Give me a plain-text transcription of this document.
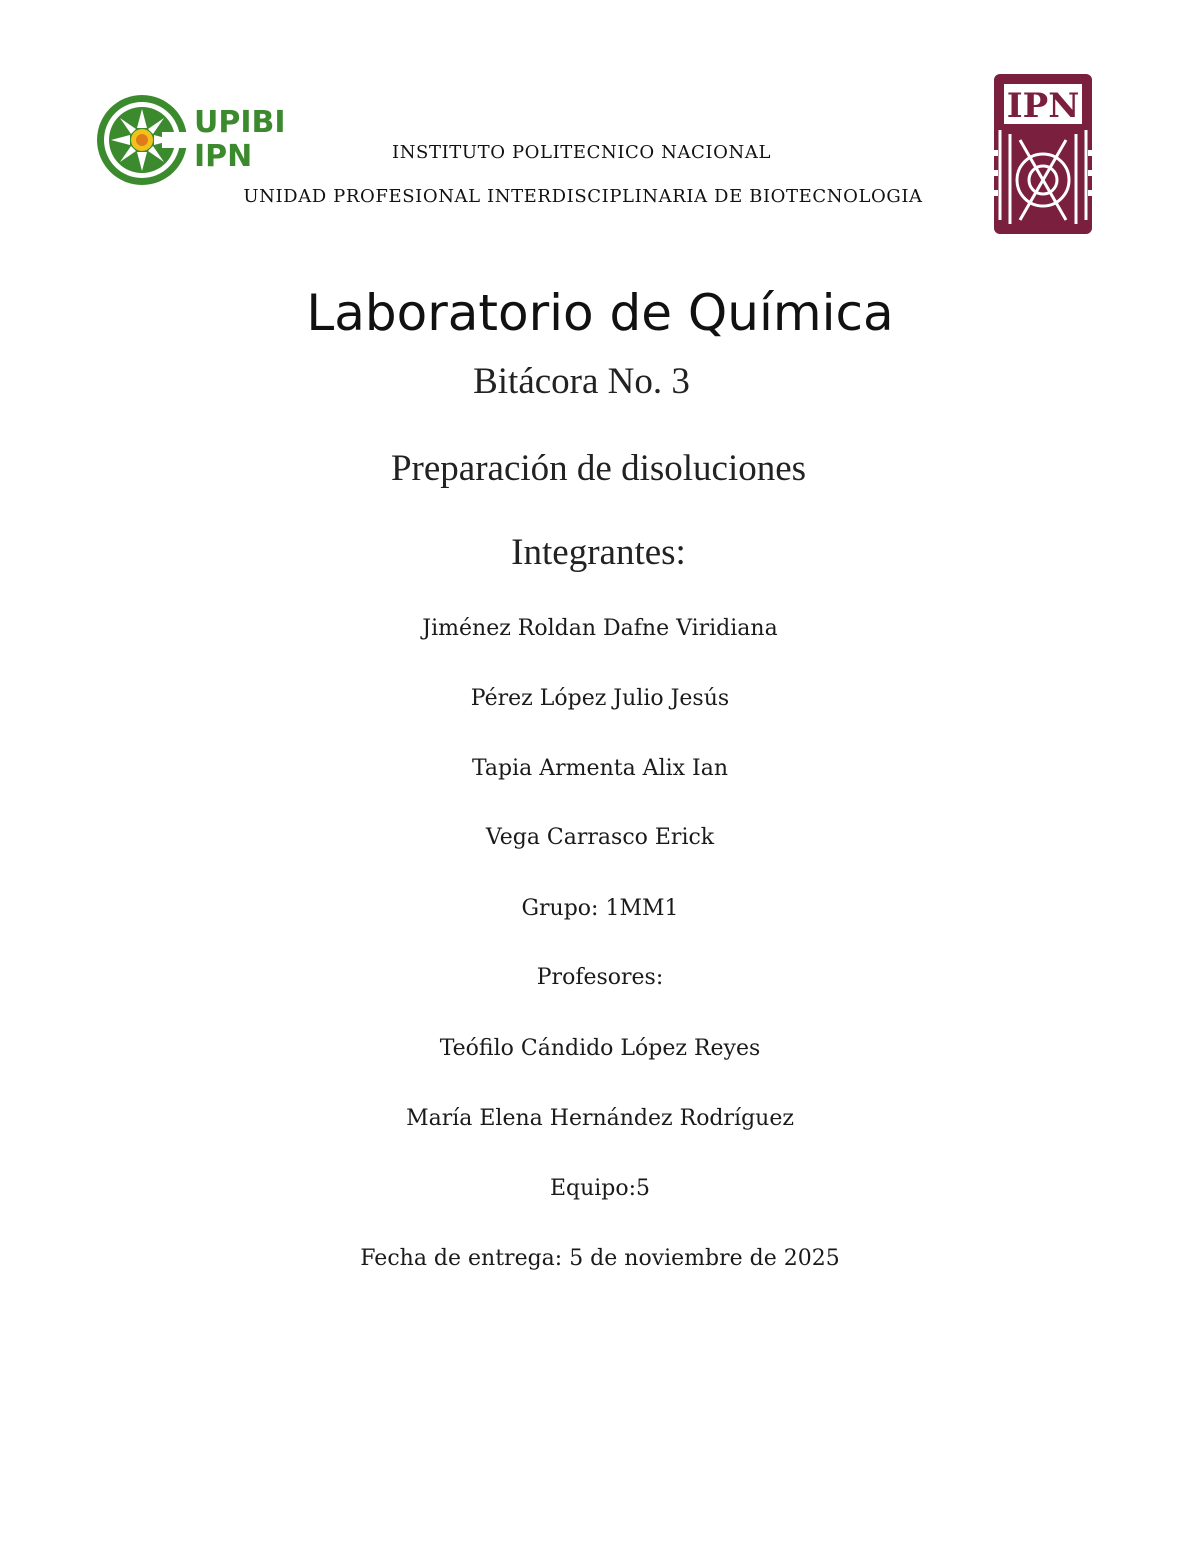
UPIBI
IPN
IPN
INSTITUTO POLITECNICO NACIONAL
UNIDAD PROFESIONAL INTERDISCIPLINARIA DE BIOTECNOLOGIA
Laboratorio de Química
Bitácora No. 3
Preparación de disoluciones
Integrantes:
Jiménez Roldan Dafne Viridiana
Pérez López Julio Jesús
Tapia Armenta Alix Ian
Vega Carrasco Erick
Grupo: 1MM1
Profesores:
Teófilo Cándido López Reyes
María Elena Hernández Rodríguez
Equipo:5
Fecha de entrega: 5 de noviembre de 2025
